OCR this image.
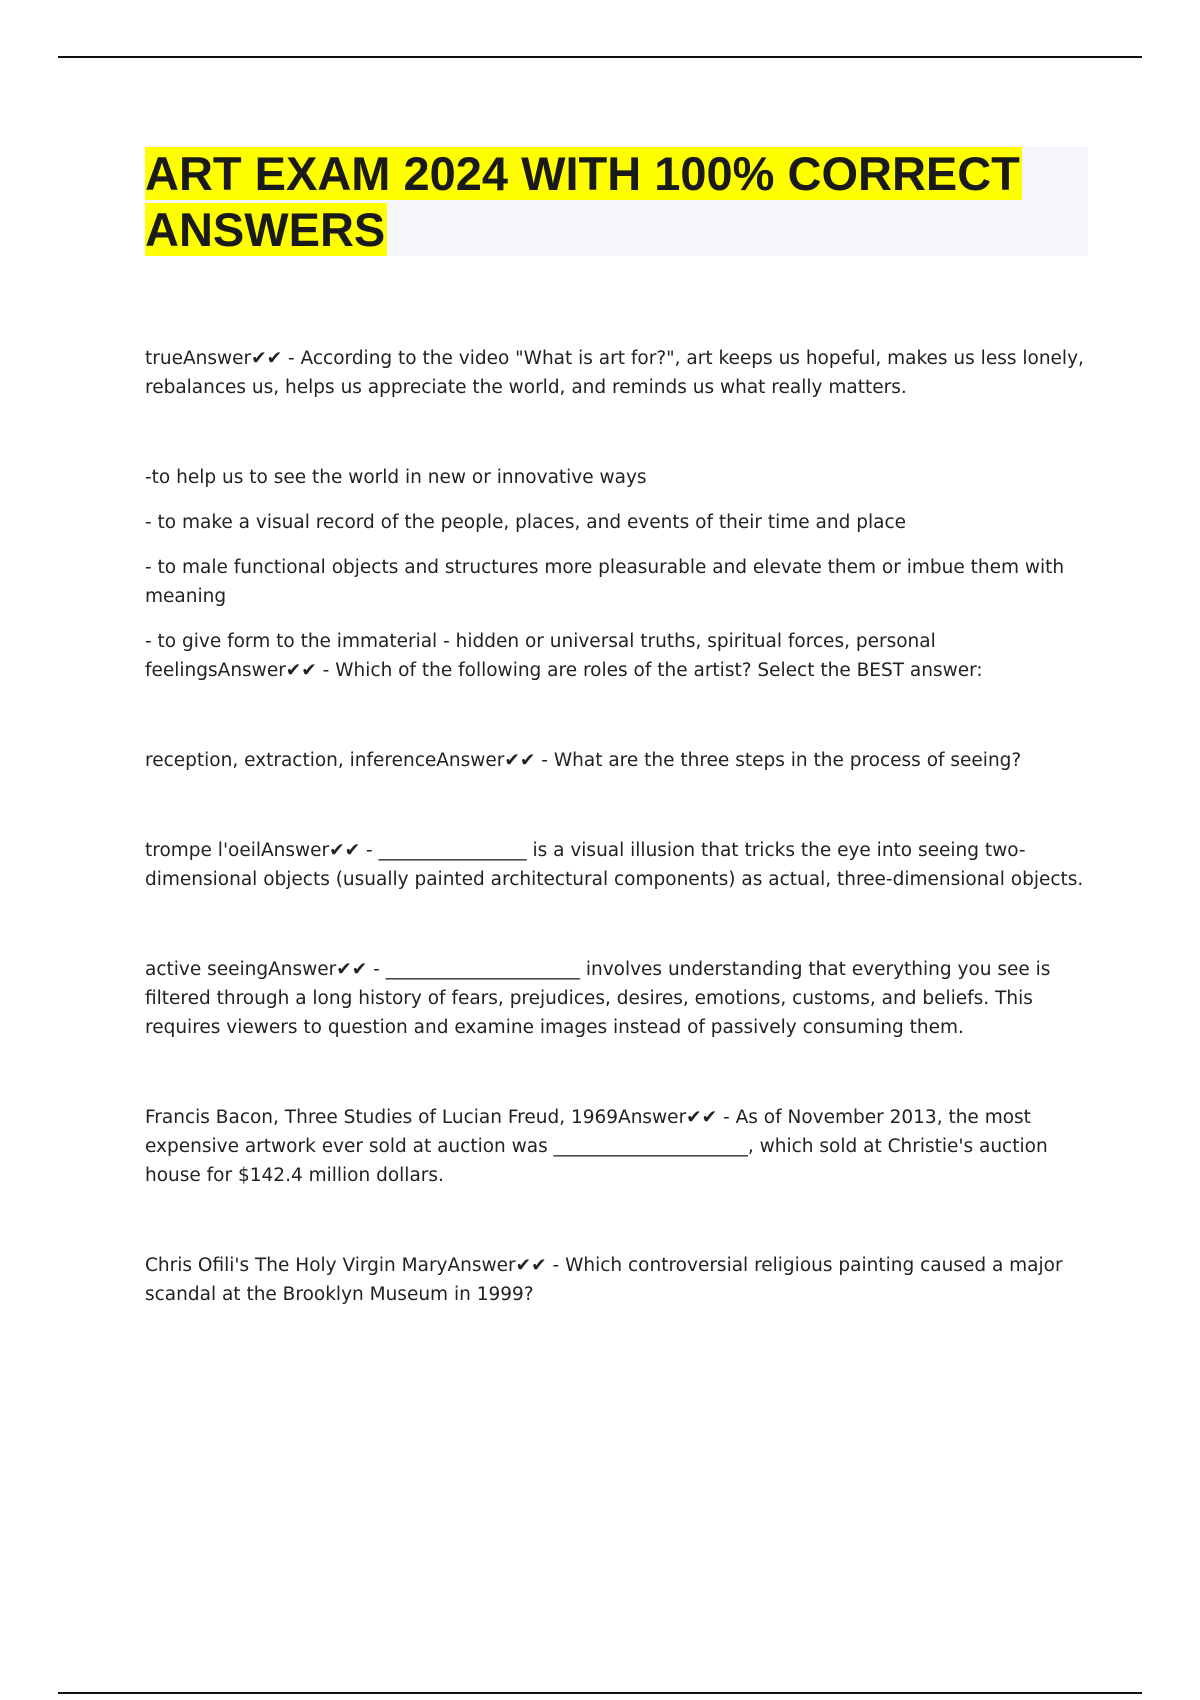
ART EXAM 2024 WITH 100% CORRECT ANSWERS

trueAnswer✔✔ - According to the video "What is art for?", art keeps us hopeful, makes us less lonely, rebalances us, helps us appreciate the world, and reminds us what really matters.

-to help us to see the world in new or innovative ways

- to make a visual record of the people, places, and events of their time and place

- to male functional objects and structures more pleasurable and elevate them or imbue them with meaning

- to give form to the immaterial - hidden or universal truths, spiritual forces, personal feelingsAnswer✔✔ - Which of the following are roles of the artist? Select the BEST answer:

reception, extraction, inferenceAnswer✔✔ - What are the three steps in the process of seeing?

trompe l'oeilAnswer✔✔ - ________________ is a visual illusion that tricks the eye into seeing two-dimensional objects (usually painted architectural components) as actual, three-dimensional objects.

active seeingAnswer✔✔ - _____________________ involves understanding that everything you see is filtered through a long history of fears, prejudices, desires, emotions, customs, and beliefs. This requires viewers to question and examine images instead of passively consuming them.

Francis Bacon, Three Studies of Lucian Freud, 1969Answer✔✔ - As of November 2013, the most expensive artwork ever sold at auction was _____________________, which sold at Christie's auction house for $142.4 million dollars.

Chris Ofili's The Holy Virgin MaryAnswer✔✔ - Which controversial religious painting caused a major scandal at the Brooklyn Museum in 1999?
